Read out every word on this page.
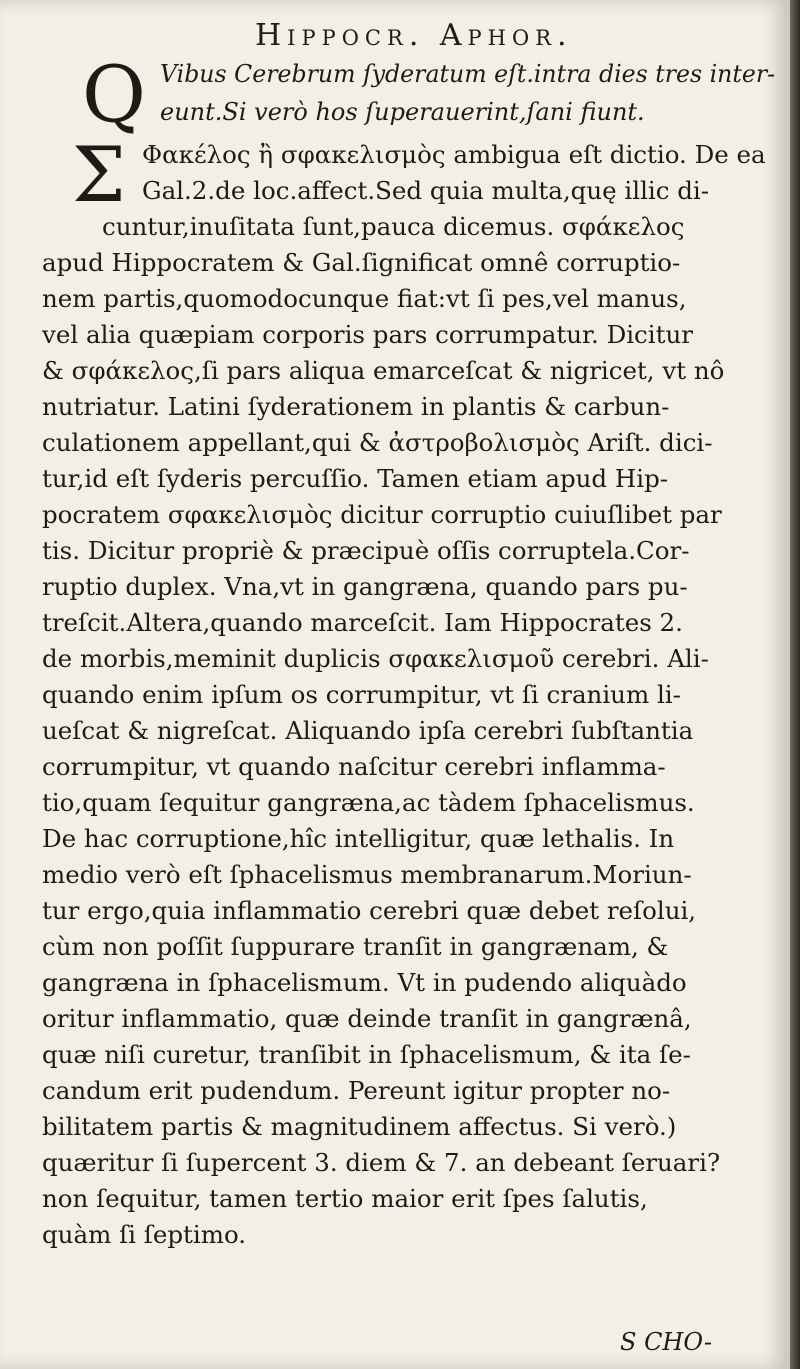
Hippocr. Aphor.
Q Vibus Cerebrum ſyderatum eſt.intra dies tres inter-
eunt.Si verò hos ſuperauerint,ſani fiunt.
Σ Φακέλος ἢ σφακελισμὸς ambigua eſt dictio. De ea
Gal.2.de loc.affect.Sed quia multa,quę illic di-
cuntur,inuſitata ſunt,pauca dicemus. σφάκελος
apud Hippocratem & Gal.ſignificat omnê corruptio-
nem partis,quomodocunque fiat:vt ſi pes,vel manus,
vel alia quæpiam corporis pars corrumpatur. Dicitur
& σφάκελος,ſi pars aliqua emarceſcat & nigricet, vt nô
nutriatur. Latini ſyderationem in plantis & carbun-
culationem appellant,qui & ἀστροβολισμὸς Ariſt. dici-
tur,id eſt ſyderis percuſſio. Tamen etiam apud Hip-
pocratem σφακελισμὸς dicitur corruptio cuiuſlibet par
tis. Dicitur propriè & præcipuè oſſis corruptela.Cor-
ruptio duplex. Vna,vt in gangræna, quando pars pu-
treſcit.Altera,quando marceſcit. Iam Hippocrates 2.
de morbis,meminit duplicis σφακελισμοῦ cerebri. Ali-
quando enim ipſum os corrumpitur, vt ſi cranium li-
ueſcat & nigreſcat. Aliquando ipſa cerebri ſubſtantia
corrumpitur, vt quando naſcitur cerebri inflamma-
tio,quam ſequitur gangræna,ac tàdem ſphacelismus.
De hac corruptione,hîc intelligitur, quæ lethalis. In
medio verò eſt ſphacelismus membranarum.Moriun-
tur ergo,quia inflammatio cerebri quæ debet reſolui,
cùm non poſſit ſuppurare tranſit in gangrænam, &
gangræna in ſphacelismum. Vt in pudendo aliquàdo
oritur inflammatio, quæ deinde tranſit in gangrænâ,
quæ niſi curetur, tranſibit in ſphacelismum, & ita ſe-
candum erit pudendum. Pereunt igitur propter no-
bilitatem partis & magnitudinem affectus. Si verò.)
quæritur ſi ſupercent 3. diem & 7. an debeant ſeruari?
non ſequitur, tamen tertio maior erit ſpes ſalutis,
quàm ſi ſeptimo.
S CHO-
